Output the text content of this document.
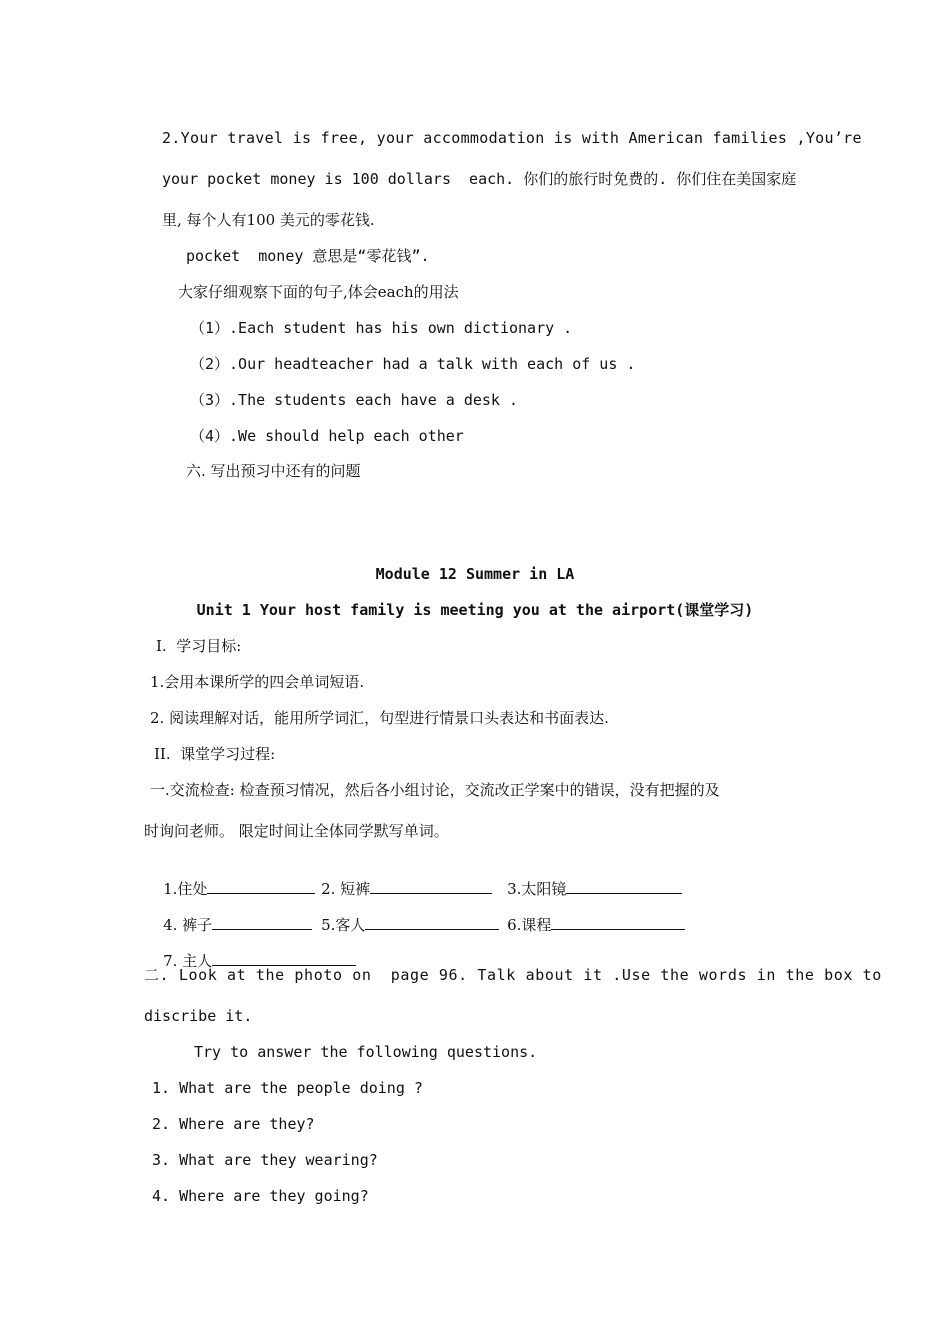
2.Your travel is free, your accommodation is with American families ,You’re
your pocket money is 100 dollars  each. 你们的旅行时免费的. 你们住在美国家庭
里, 每个人有100 美元的零花钱.
pocket  money 意思是“零花钱”.
大家仔细观察下面的句子,体会each的用法
（1）.Each student has his own dictionary .
（2）.Our headteacher had a talk with each of us .
（3）.The students each have a desk .
（4）.We should help each other
六. 写出预习中还有的问题
Module 12 Summer in LA
Unit 1 Your host family is meeting you at the airport(课堂学习)
Ⅰ.  学习目标:
1.会用本课所学的四会单词短语.
2. 阅读理解对话，能用所学词汇，句型进行情景口头表达和书面表达.
II.  课堂学习过程:
一.交流检查: 检查预习情况，然后各小组讨论，交流改正学案中的错误，没有把握的及
时询问老师。 限定时间让全体同学默写单词。

1.住处
	2. 短裤
	3.太阳镜

4. 裤子
	5.客人
	6.课程

7. 主人

二. Look at the photo on  page 96. Talk about it .Use the words in the box to
discribe it.
Try to answer the following questions.
1. What are the people doing ?
2. Where are they?
3. What are they wearing?
4. Where are they going?
